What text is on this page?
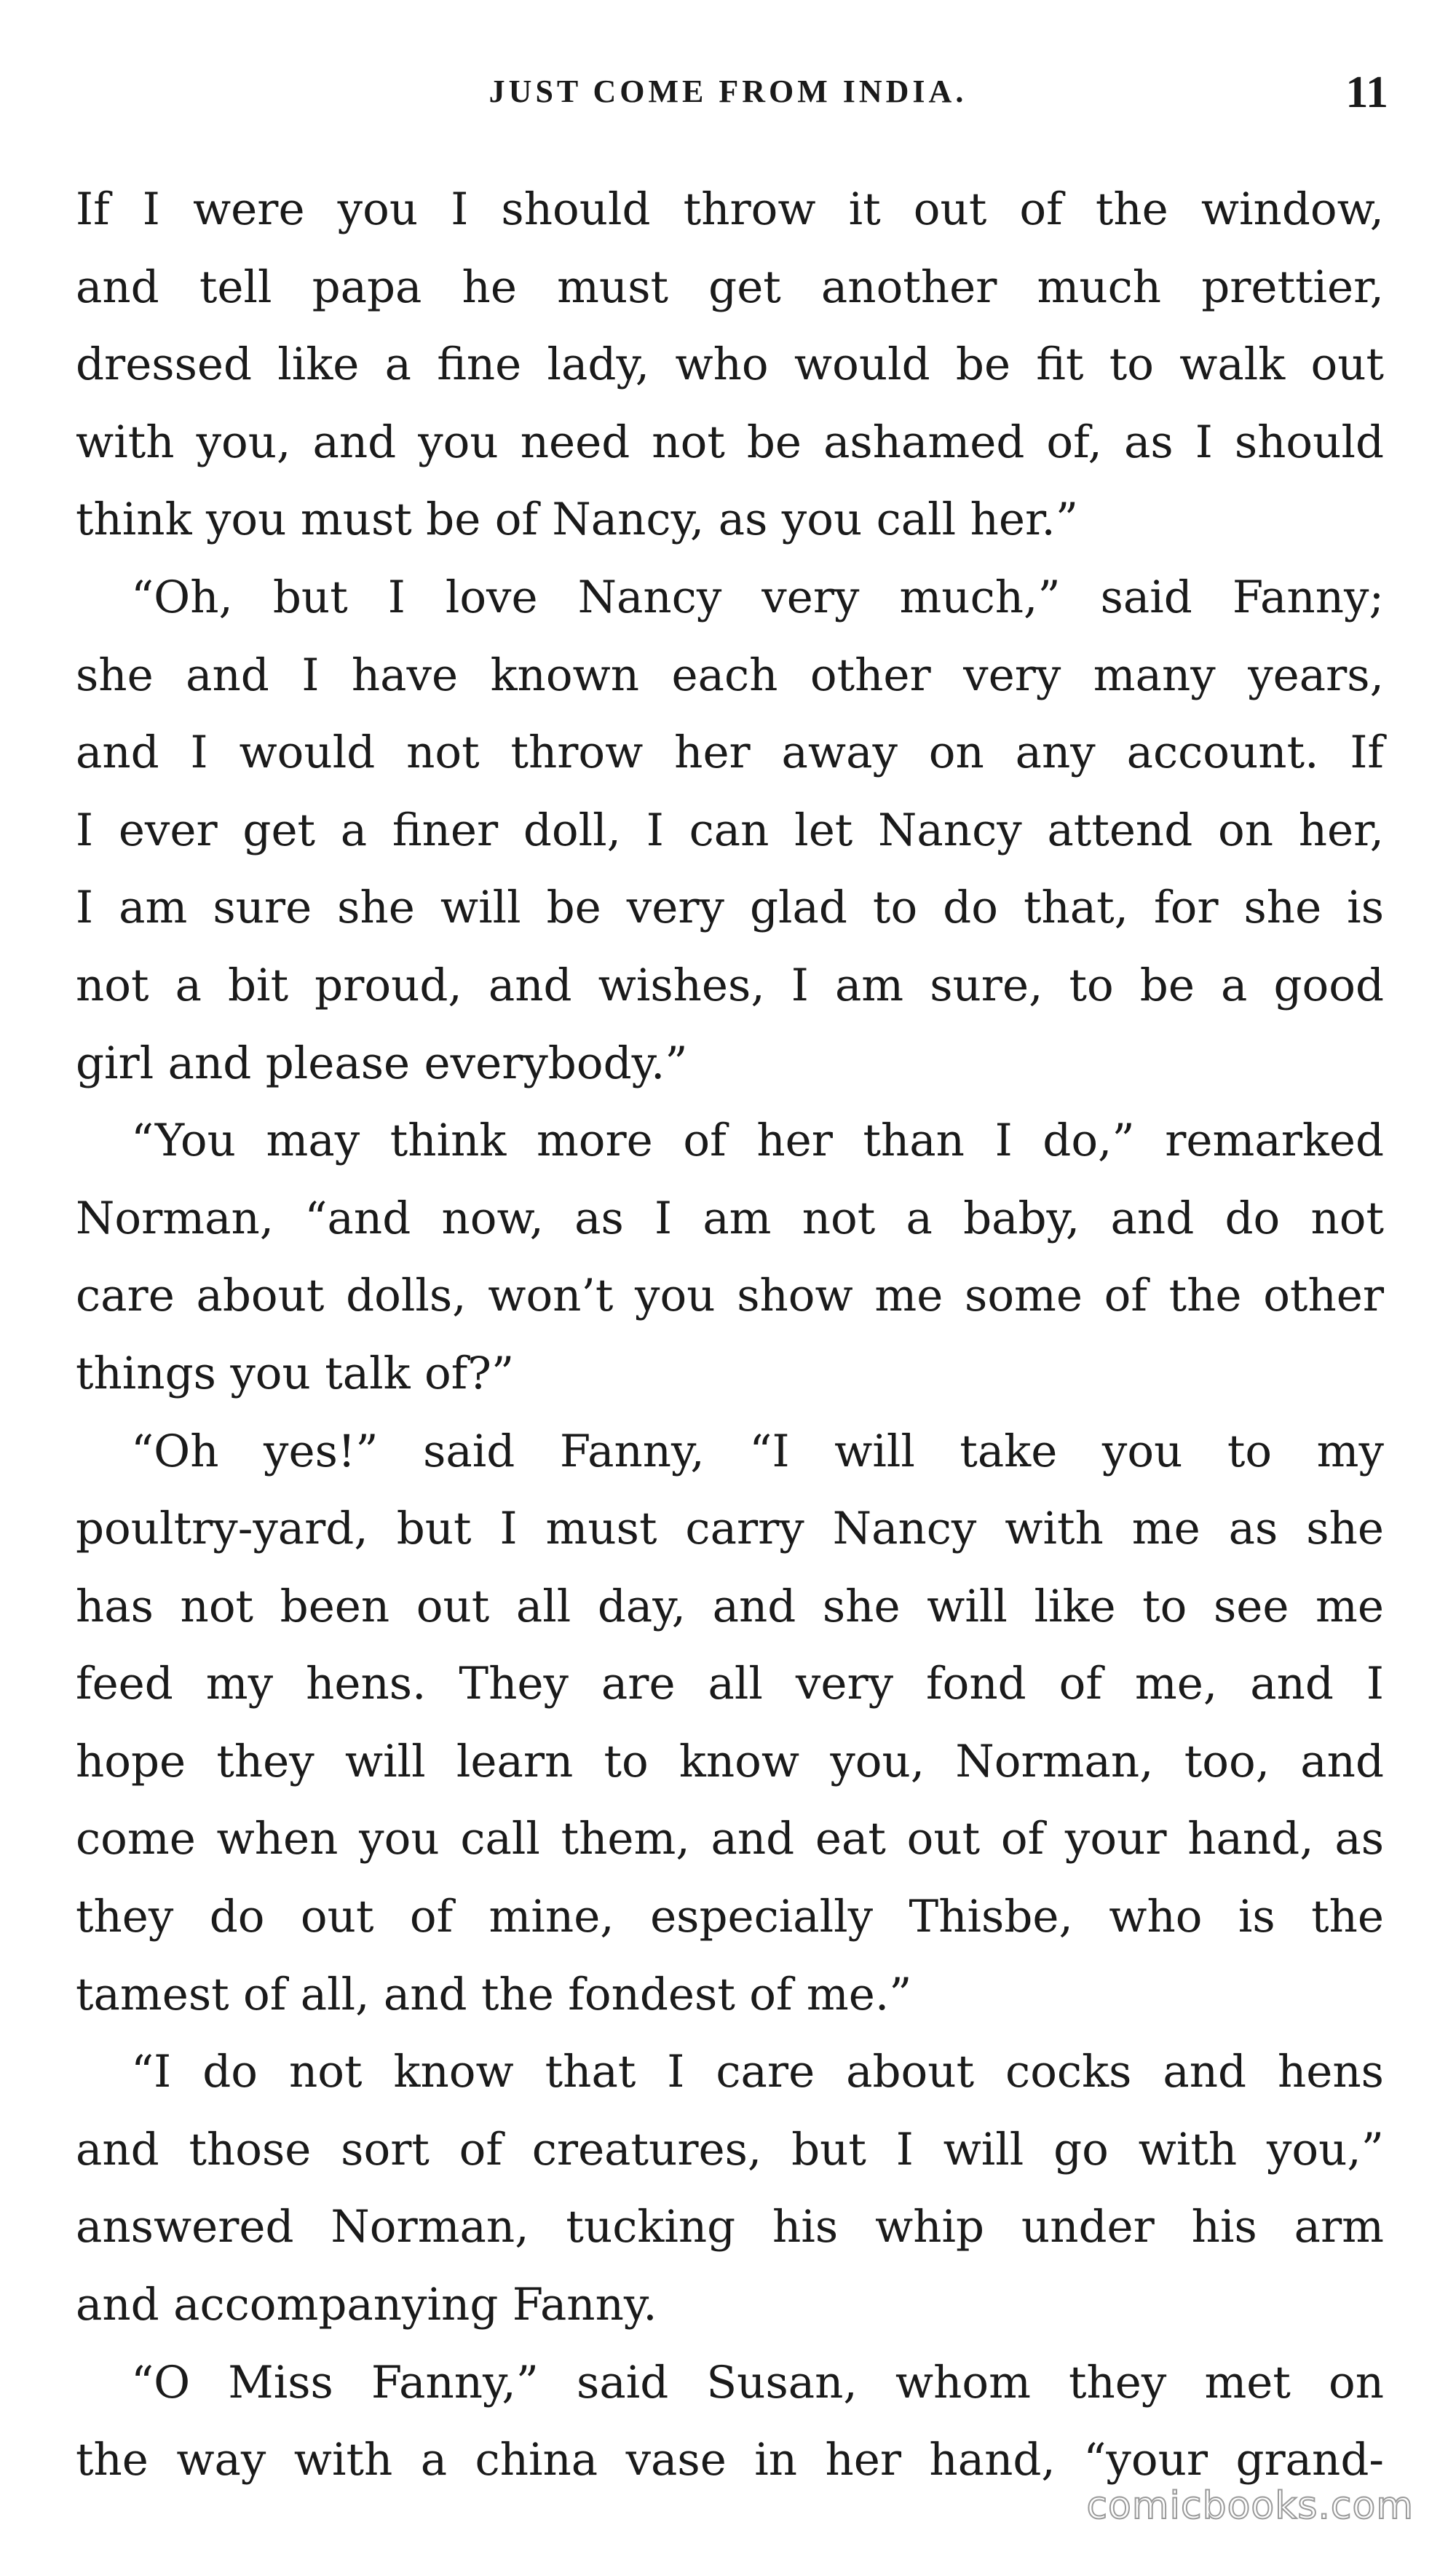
JUST COME FROM INDIA.	11
If I were you I should throw it out of the window,
and tell papa he must get another much prettier,
dressed like a fine lady, who would be fit to walk out
with you, and you need not be ashamed of, as I should
think you must be of Nancy, as you call her.”
“Oh, but I love Nancy very much,” said Fanny;
she and I have known each other very many years,
and I would not throw her away on any account. If
I ever get a finer doll, I can let Nancy attend on her,
I am sure she will be very glad to do that, for she is
not a bit proud, and wishes, I am sure, to be a good
girl and please everybody.”
“You may think more of her than I do,” remarked
Norman, “and now, as I am not a baby, and do not
care about dolls, won’t you show me some of the other
things you talk of?”
“Oh yes!” said Fanny, “I will take you to my
poultry-yard, but I must carry Nancy with me as she
has not been out all day, and she will like to see me
feed my hens. They are all very fond of me, and I
hope they will learn to know you, Norman, too, and
come when you call them, and eat out of your hand, as
they do out of mine, especially Thisbe, who is the
tamest of all, and the fondest of me.”
“I do not know that I care about cocks and hens
and those sort of creatures, but I will go with you,”
answered Norman, tucking his whip under his arm
and accompanying Fanny.
“O Miss Fanny,” said Susan, whom they met on
the way with a china vase in her hand, “your grand-
comicbooks.com
